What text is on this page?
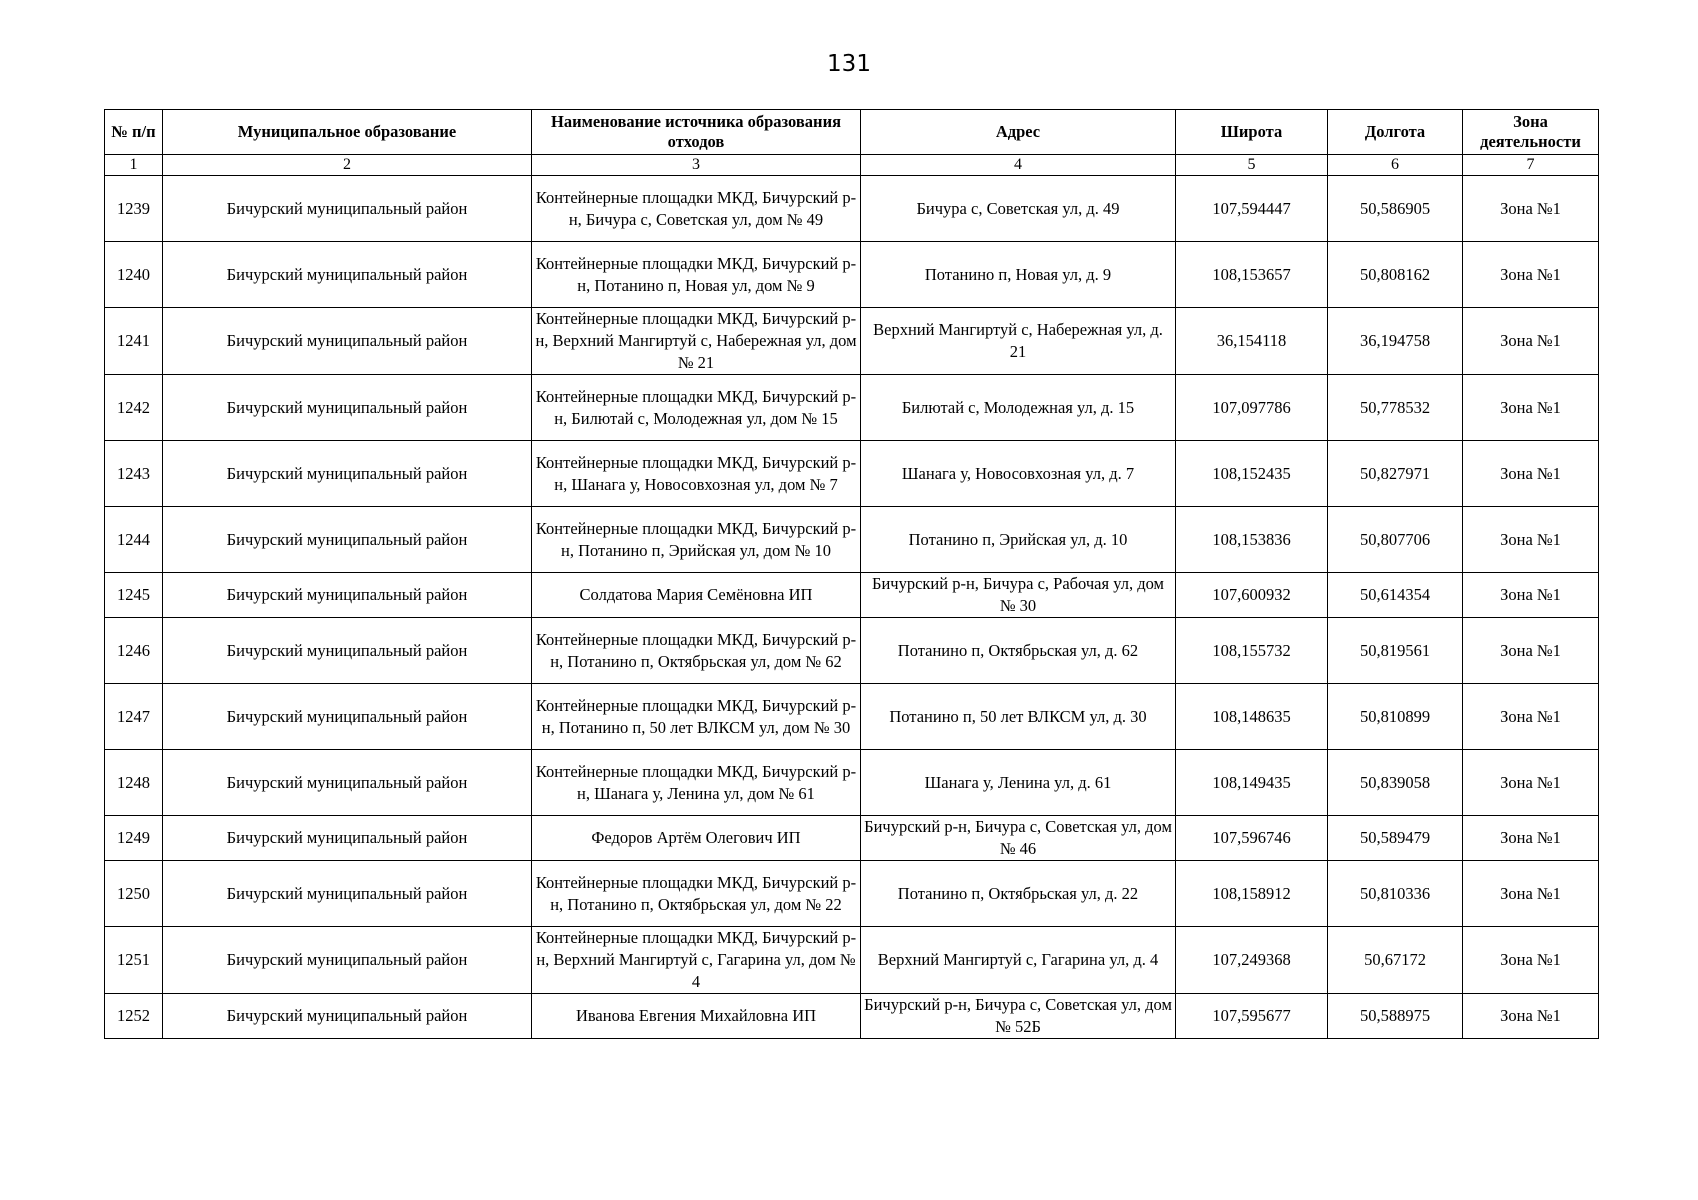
131
№ п/п	Муниципальное образование	Наименование источника образования отходов	Адрес	Широта	Долгота	Зона деятельности
1	2	3	4	5	6	7
1239	Бичурский муниципальный район	Контейнерные площадки МКД, Бичурский р-н, Бичура с, Советская ул, дом № 49	Бичура с, Советская ул, д. 49	107,594447	50,586905	Зона №1
1240	Бичурский муниципальный район	Контейнерные площадки МКД, Бичурский р-н, Потанино п, Новая ул, дом № 9	Потанино п, Новая ул, д. 9	108,153657	50,808162	Зона №1
1241	Бичурский муниципальный район	Контейнерные площадки МКД, Бичурский р-н, Верхний Мангиртуй с, Набережная ул, дом № 21	Верхний Мангиртуй с, Набережная ул, д. 21	36,154118	36,194758	Зона №1
1242	Бичурский муниципальный район	Контейнерные площадки МКД, Бичурский р-н, Билютай с, Молодежная ул, дом № 15	Билютай с, Молодежная ул, д. 15	107,097786	50,778532	Зона №1
1243	Бичурский муниципальный район	Контейнерные площадки МКД, Бичурский р-н, Шанага у, Новосовхозная ул, дом № 7	Шанага у, Новосовхозная ул, д. 7	108,152435	50,827971	Зона №1
1244	Бичурский муниципальный район	Контейнерные площадки МКД, Бичурский р-н, Потанино п, Эрийская ул, дом № 10	Потанино п, Эрийская ул, д. 10	108,153836	50,807706	Зона №1
1245	Бичурский муниципальный район	Солдатова Мария Семёновна ИП	Бичурский р-н, Бичура с, Рабочая ул, дом № 30	107,600932	50,614354	Зона №1
1246	Бичурский муниципальный район	Контейнерные площадки МКД, Бичурский р-н, Потанино п, Октябрьская ул, дом № 62	Потанино п, Октябрьская ул, д. 62	108,155732	50,819561	Зона №1
1247	Бичурский муниципальный район	Контейнерные площадки МКД, Бичурский р-н, Потанино п, 50 лет ВЛКСМ ул, дом № 30	Потанино п, 50 лет ВЛКСМ ул, д. 30	108,148635	50,810899	Зона №1
1248	Бичурский муниципальный район	Контейнерные площадки МКД, Бичурский р-н, Шанага у, Ленина ул, дом № 61	Шанага у, Ленина ул, д. 61	108,149435	50,839058	Зона №1
1249	Бичурский муниципальный район	Федоров Артём Олегович ИП	Бичурский р-н, Бичура с, Советская ул, дом № 46	107,596746	50,589479	Зона №1
1250	Бичурский муниципальный район	Контейнерные площадки МКД, Бичурский р-н, Потанино п, Октябрьская ул, дом № 22	Потанино п, Октябрьская ул, д. 22	108,158912	50,810336	Зона №1
1251	Бичурский муниципальный район	Контейнерные площадки МКД, Бичурский р-н, Верхний Мангиртуй с, Гагарина ул, дом № 4	Верхний Мангиртуй с, Гагарина ул, д. 4	107,249368	50,67172	Зона №1
1252	Бичурский муниципальный район	Иванова Евгения Михайловна ИП	Бичурский р-н, Бичура с, Советская ул, дом № 52Б	107,595677	50,588975	Зона №1
